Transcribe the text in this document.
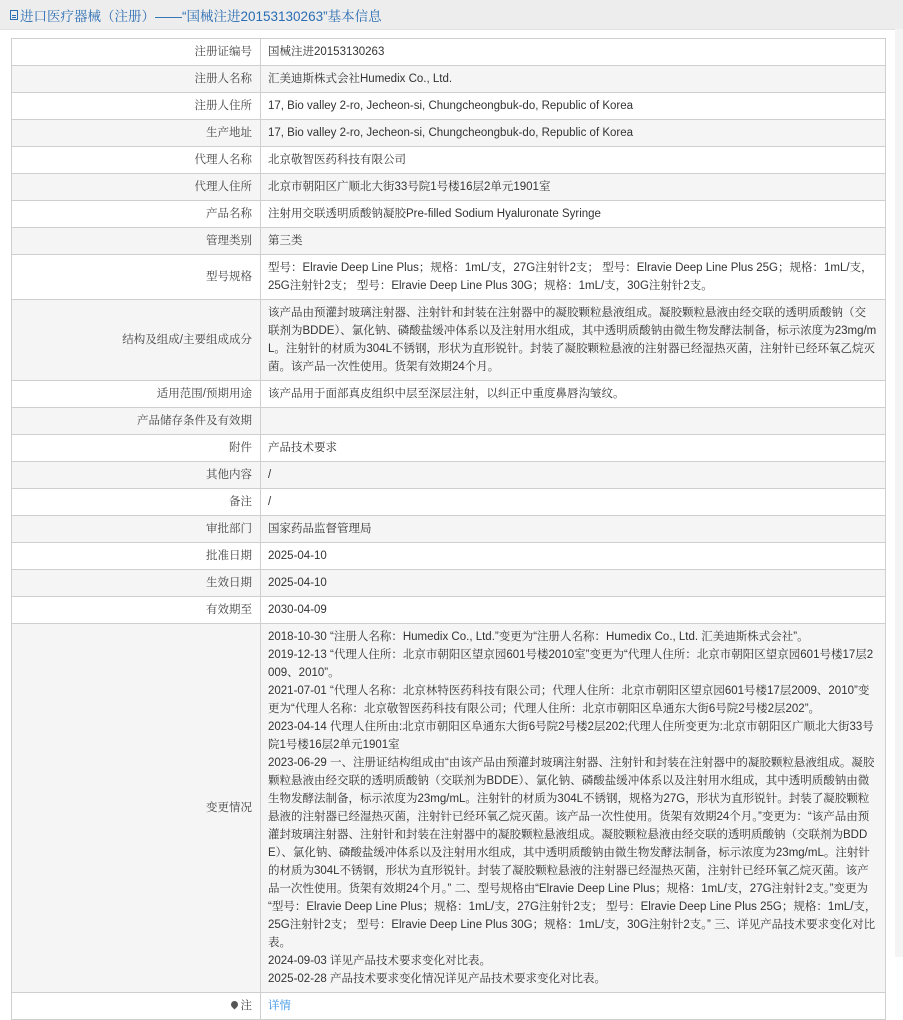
进口医疗器械（注册）——“国械注进20153130263”基本信息
注册证编号	国械注进20153130263
注册人名称	汇美迪斯株式会社Humedix Co., Ltd.
注册人住所	17, Bio valley 2-ro, Jecheon-si, Chungcheongbuk-do, Republic of Korea
生产地址	17, Bio valley 2-ro, Jecheon-si, Chungcheongbuk-do, Republic of Korea
代理人名称	北京敬智医药科技有限公司
代理人住所	北京市朝阳区广顺北大街33号院1号楼16层2单元1901室
产品名称	注射用交联透明质酸钠凝胶Pre-filled Sodium Hyaluronate Syringe
管理类别	第三类
型号规格	型号：Elravie Deep Line Plus；规格：1mL/支，27G注射针2支； 型号：Elravie Deep Line Plus 25G；规格：1mL/支，25G注射针2支； 型号：Elravie Deep Line Plus 30G；规格：1mL/支，30G注射针2支。
结构及组成/主要组成成分	该产品由预灌封玻璃注射器、注射针和封装在注射器中的凝胶颗粒悬液组成。凝胶颗粒悬液由经交联的透明质酸钠（交联剂为BDDE）、氯化钠、磷酸盐缓冲体系以及注射用水组成，其中透明质酸钠由微生物发酵法制备，标示浓度为23mg/mL。注射针的材质为304L不锈钢，形状为直形锐针。封装了凝胶颗粒悬液的注射器已经湿热灭菌，注射针已经环氧乙烷灭菌。该产品一次性使用。货架有效期24个月。
适用范围/预期用途	该产品用于面部真皮组织中层至深层注射，以纠正中重度鼻唇沟皱纹。
产品储存条件及有效期	
附件	产品技术要求
其他内容	/
备注	/
审批部门	国家药品监督管理局
批准日期	2025-04-10
生效日期	2025-04-10
有效期至	2030-04-09
变更情况	
2018-10-30 “注册人名称：Humedix Co., Ltd.”变更为“注册人名称：Humedix Co., Ltd. 汇美迪斯株式会社”。
2019-12-13 “代理人住所：北京市朝阳区望京园601号楼2010室”变更为“代理人住所：北京市朝阳区望京园601号楼17层2009、2010”。
2021-07-01 “代理人名称：北京林特医药科技有限公司；代理人住所：北京市朝阳区望京园601号楼17层2009、2010”变更为“代理人名称：北京敬智医药科技有限公司；代理人住所：北京市朝阳区阜通东大街6号院2号楼2层202”。
2023-04-14 代理人住所由:北京市朝阳区阜通东大街6号院2号楼2层202;代理人住所变更为:北京市朝阳区广顺北大街33号院1号楼16层2单元1901室
2023-06-29 一、注册证结构组成由“由该产品由预灌封玻璃注射器、注射针和封装在注射器中的凝胶颗粒悬液组成。凝胶颗粒悬液由经交联的透明质酸钠（交联剂为BDDE）、氯化钠、磷酸盐缓冲体系以及注射用水组成，其中透明质酸钠由微生物发酵法制备，标示浓度为23mg/mL。注射针的材质为304L不锈钢，规格为27G，形状为直形锐针。封装了凝胶颗粒悬液的注射器已经湿热灭菌，注射针已经环氧乙烷灭菌。该产品一次性使用。货架有效期24个月。”变更为：“该产品由预灌封玻璃注射器、注射针和封装在注射器中的凝胶颗粒悬液组成。凝胶颗粒悬液由经交联的透明质酸钠（交联剂为BDDE）、氯化钠、磷酸盐缓冲体系以及注射用水组成，其中透明质酸钠由微生物发酵法制备，标示浓度为23mg/mL。注射针的材质为304L不锈钢，形状为直形锐针。封装了凝胶颗粒悬液的注射器已经湿热灭菌，注射针已经环氧乙烷灭菌。该产品一次性使用。货架有效期24个月。” 二、型号规格由“Elravie Deep Line Plus；规格：1mL/支，27G注射针2支。”变更为 “型号：Elravie Deep Line Plus；规格：1mL/支，27G注射针2支； 型号：Elravie Deep Line Plus 25G；规格：1mL/支，25G注射针2支； 型号：Elravie Deep Line Plus 30G；规格：1mL/支，30G注射针2支。” 三、详见产品技术要求变化对比表。
2024-09-03 详见产品技术要求变化对比表。
2025-02-28 产品技术要求变化情况详见产品技术要求变化对比表。

注	详情
